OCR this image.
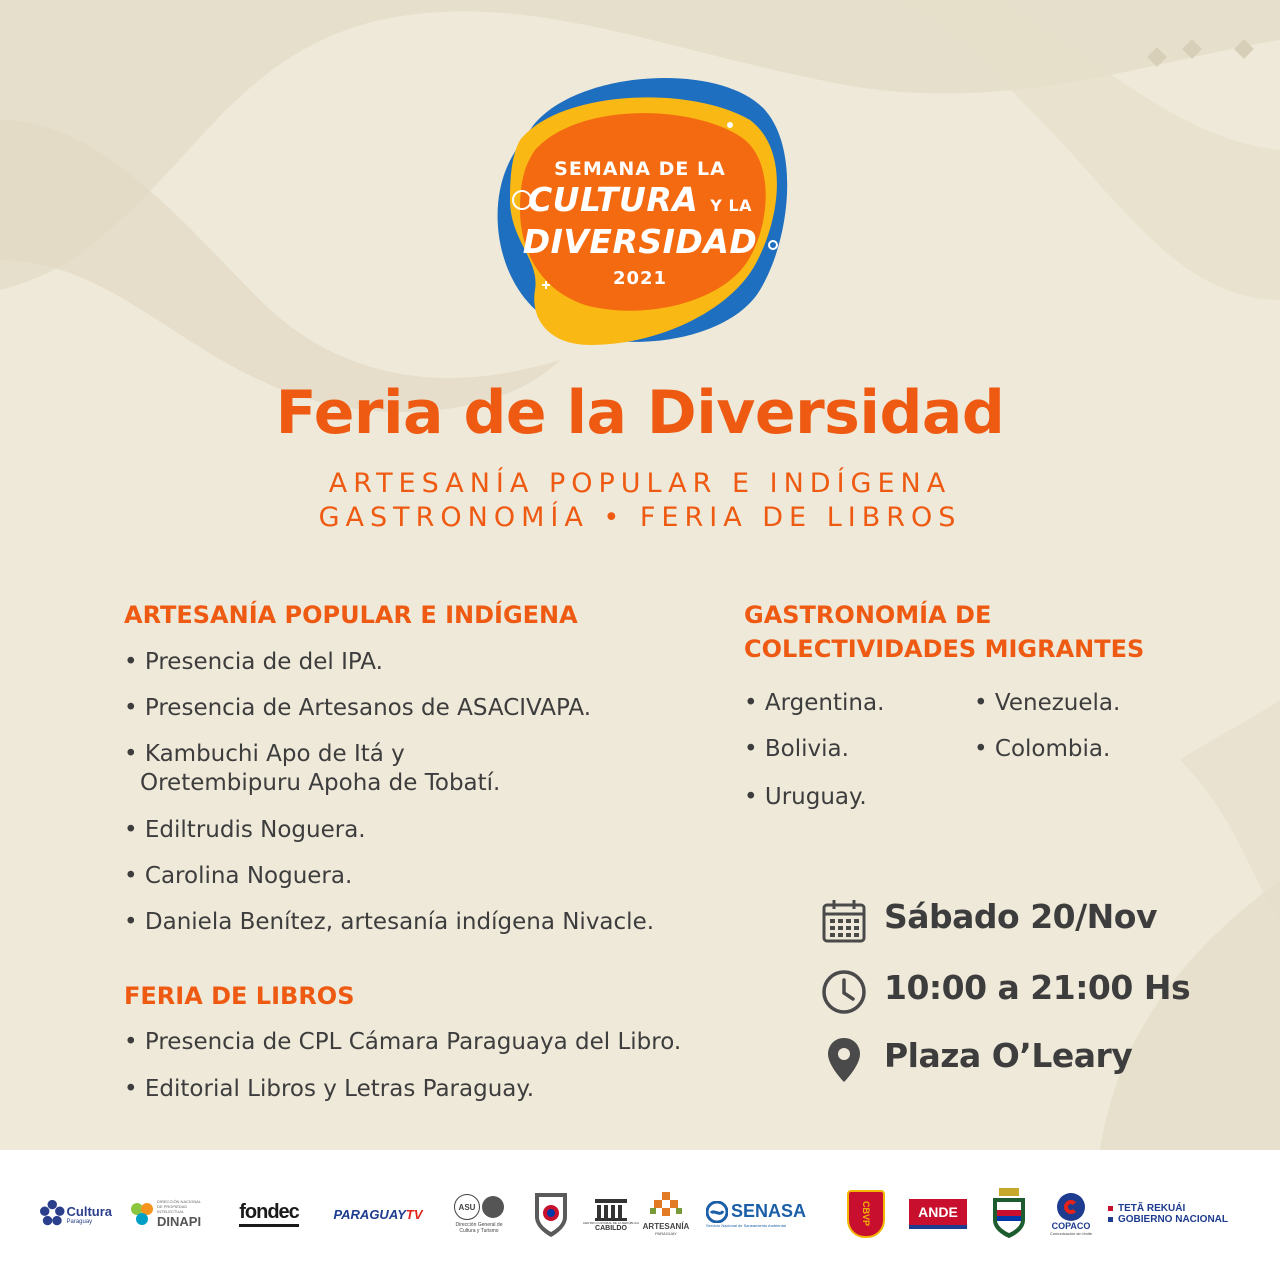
SEMANA DE LA
CULTURA Y LA
DIVERSIDAD
2021
Feria de la Diversidad
ARTESANÍA POPULAR E INDÍGENA
GASTRONOMÍA • FERIA DE LIBROS
ARTESANÍA POPULAR E INDÍGENA
• Presencia de del IPA.
• Presencia de Artesanos de ASACIVAPA.
• Kambuchi Apo de Itá y
Oretembipuru Apoha de Tobatí.
• Ediltrudis Noguera.
• Carolina Noguera.
• Daniela Benítez, artesanía indígena Nivacle.
FERIA DE LIBROS
• Presencia de CPL Cámara Paraguaya del Libro.
• Editorial Libros y Letras Paraguay.
GASTRONOMÍA DE
COLECTIVIDADES MIGRANTES
• Argentina.	• Venezuela.
• Bolivia.	• Colombia.
• Uruguay.
Sábado 20/Nov
10:00 a 21:00 Hs
Plaza O’Leary
Cultura
Paraguay
DIRECCIÓN NACIONAL DE PROPIEDAD INTELECTUAL
DINAPI fondec	PARAGUAY TV	ASU
Dirección General de Cultura y Turismo
CENTRO CULTURAL DE LA REPÚBLICA
CABILDO ARTESANÍA
PARAGUAY
SENASA
Servicio Nacional de Saneamiento Ambiental	CBVP	ANDE
COPACO
Comunicación sin límite
TETÃ REKUÁI
GOBIERNO NACIONAL
